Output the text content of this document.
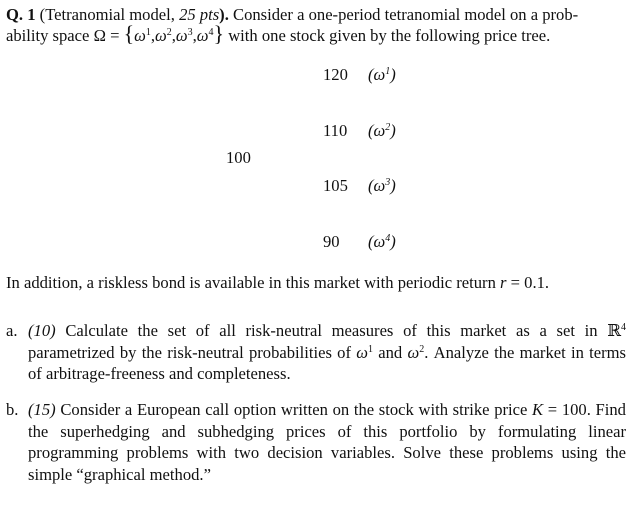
Q. 1 (Tetranomial model, 25 pts). Consider a one-period tetranomial model on a prob-
ability space $\Omega = \{\omega^1,\omega^2,\omega^3,\omega^4\}$ with one stock given by the following price tree.
100
120 $(\omega^1)$
110 $(\omega^2)$
105 $(\omega^3)$
90 $(\omega^4)$
In addition, a riskless bond is available in this market with periodic return r = 0.1.
a. (10) Calculate the set of all risk-neutral measures of this market as a set in ℝ$^4$ parametrized by the risk-neutral probabilities of $\omega^1$ and $\omega^2$. Analyze the market in terms of arbitrage-freeness and completeness.
b. (15) Consider a European call option written on the stock with strike price K = 100. Find the superhedging and subhedging prices of this portfolio by formulating linear programming problems with two decision variables. Solve these problems using the simple “graphical method.”
